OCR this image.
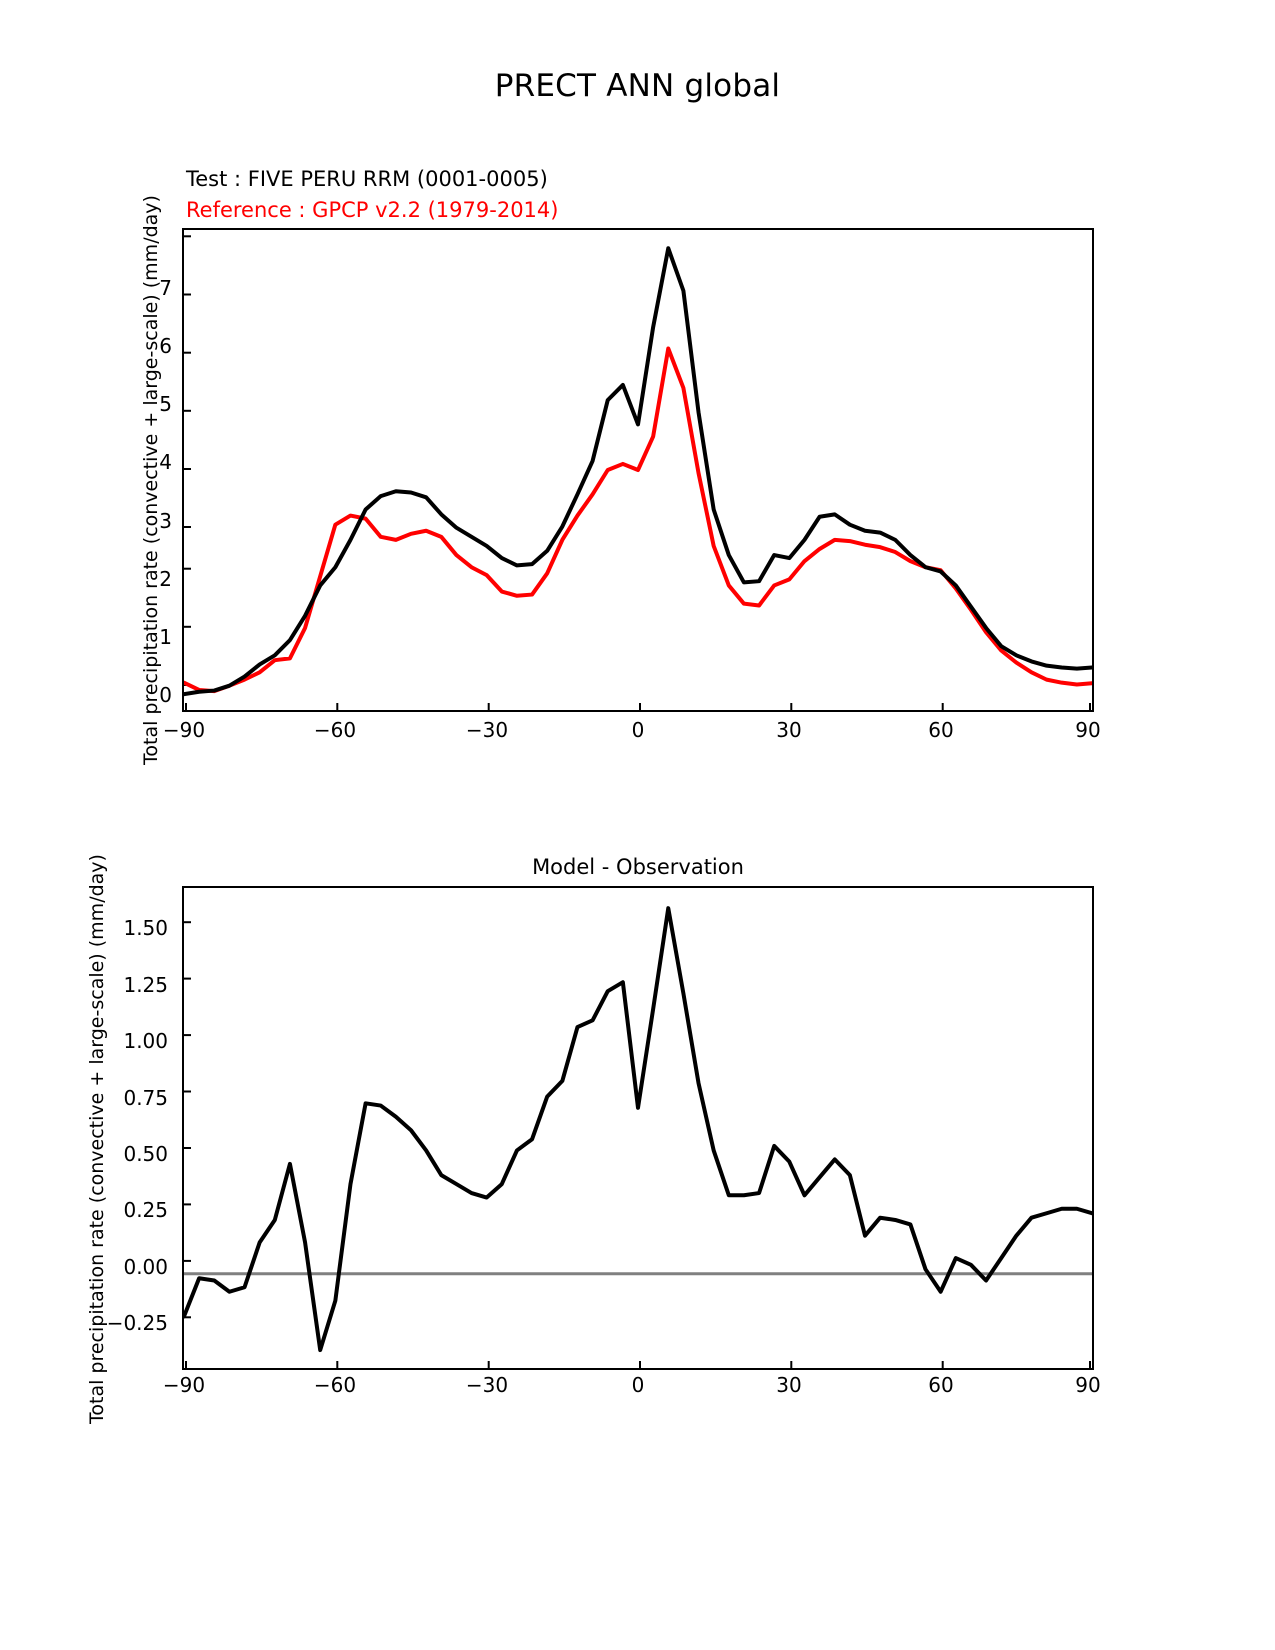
PRECT ANN global
Test : FIVE PERU RRM (0001-0005)
Reference : GPCP v2.2 (1979-2014)
Total precipitation rate (convective + large-scale) (mm/day)
0
1
2
3
4
5
6
7
−90	−60	−30	0	30	60	90
Model - Observation
Total precipitation rate (convective + large-scale) (mm/day)
−0.25
0.00
0.25
0.50
0.75
1.00
1.25
1.50
−90	−60	−30	0	30	60	90
